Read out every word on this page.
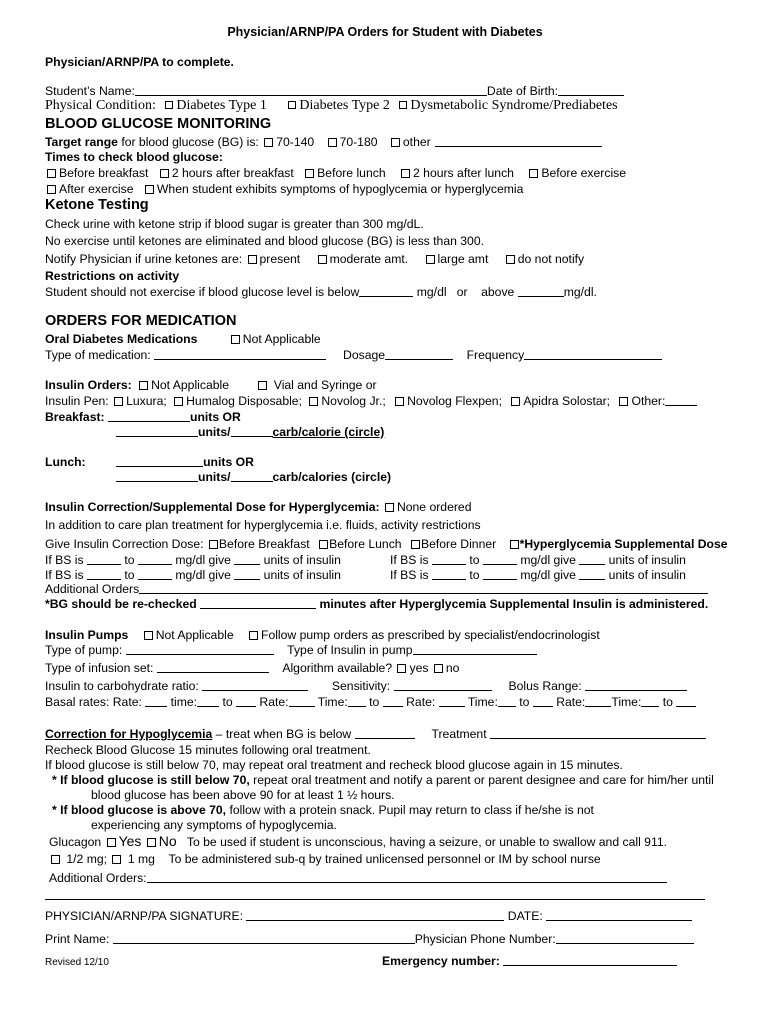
Physician/ARNP/PA Orders for Student with Diabetes
Physician/ARNP/PA to complete.
Student’s Name:	Date of Birth:
Physical Condition: Diabetes Type 1 Diabetes Type 2 Dysmetabolic Syndrome/Prediabetes
BLOOD GLUCOSE MONITORING
Target range for blood glucose (BG) is: 70-140 70-180 other
Times to check blood glucose:
Before breakfast 2 hours after breakfast Before lunch 2 hours after lunch Before exercise
After exercise When student exhibits symptoms of hypoglycemia or hyperglycemia
Ketone Testing
Check urine with ketone strip if blood sugar is greater than 300 mg/dL.
No exercise until ketones are eliminated and blood glucose (BG) is less than 300.
Notify Physician if urine ketones are: present moderate amt. large amt do not notify
Restrictions on activity
Student should not exercise if blood glucose level is below	mg/dl or above	mg/dl.
ORDERS FOR MEDICATION
Oral Diabetes Medications	Not Applicable
Type of medication:	Dosage	Frequency
Insulin Orders: Not Applicable	Vial and Syringe or
Insulin Pen: Luxura; Humalog Disposable; Novolog Jr.; Novolog Flexpen; Apidra Solostar; Other:
Breakfast:	units OR
units/	carb/calorie (circle)
Lunch:	units OR
units/	carb/calories (circle)
Insulin Correction/Supplemental Dose for Hyperglycemia: None ordered
In addition to care plan treatment for hyperglycemia i.e. fluids, activity restrictions
Give Insulin Correction Dose: Before Breakfast Before Lunch Before Dinner *Hyperglycemia Supplemental Dose
If BS is	to	mg/dl give	units of insulin	If BS is	to	mg/dl give	units of insulin
If BS is	to	mg/dl give	units of insulin	If BS is	to	mg/dl give	units of insulin
Additional Orders
*BG should be re-checked	minutes after Hyperglycemia Supplemental Insulin is administered.
Insulin Pumps Not Applicable Follow pump orders as prescribed by specialist/endocrinologist
Type of pump:	Type of Insulin in pump
Type of infusion set:	Algorithm available? yes no
Insulin to carbohydrate ratio:	Sensitivity:	Bolus Range:
Basal rates: Rate: time: to Rate: Time: to Rate:	Time: to Rate: Time: to
Correction for Hypoglycemia – treat when BG is below	Treatment
Recheck Blood Glucose 15 minutes following oral treatment.
If blood glucose is still below 70, may repeat oral treatment and recheck blood glucose again in 15 minutes.
* If blood glucose is still below 70, repeat oral treatment and notify a parent or parent designee and care for him/her until
blood glucose has been above 90 for at least 1 ½ hours.
* If blood glucose is above 70, follow with a protein snack. Pupil may return to class if he/she is not
experiencing any symptoms of hypoglycemia.
Glucagon Yes No To be used if student is unconscious, having a seizure, or unable to swallow and call 911.
1/2 mg; 1 mg To be administered sub-q by trained unlicensed personnel or IM by school nurse
Additional Orders:
PHYSICIAN/ARNP/PA SIGNATURE:	DATE:
Print Name:	Physician Phone Number:
Revised 12/10	Emergency number:
